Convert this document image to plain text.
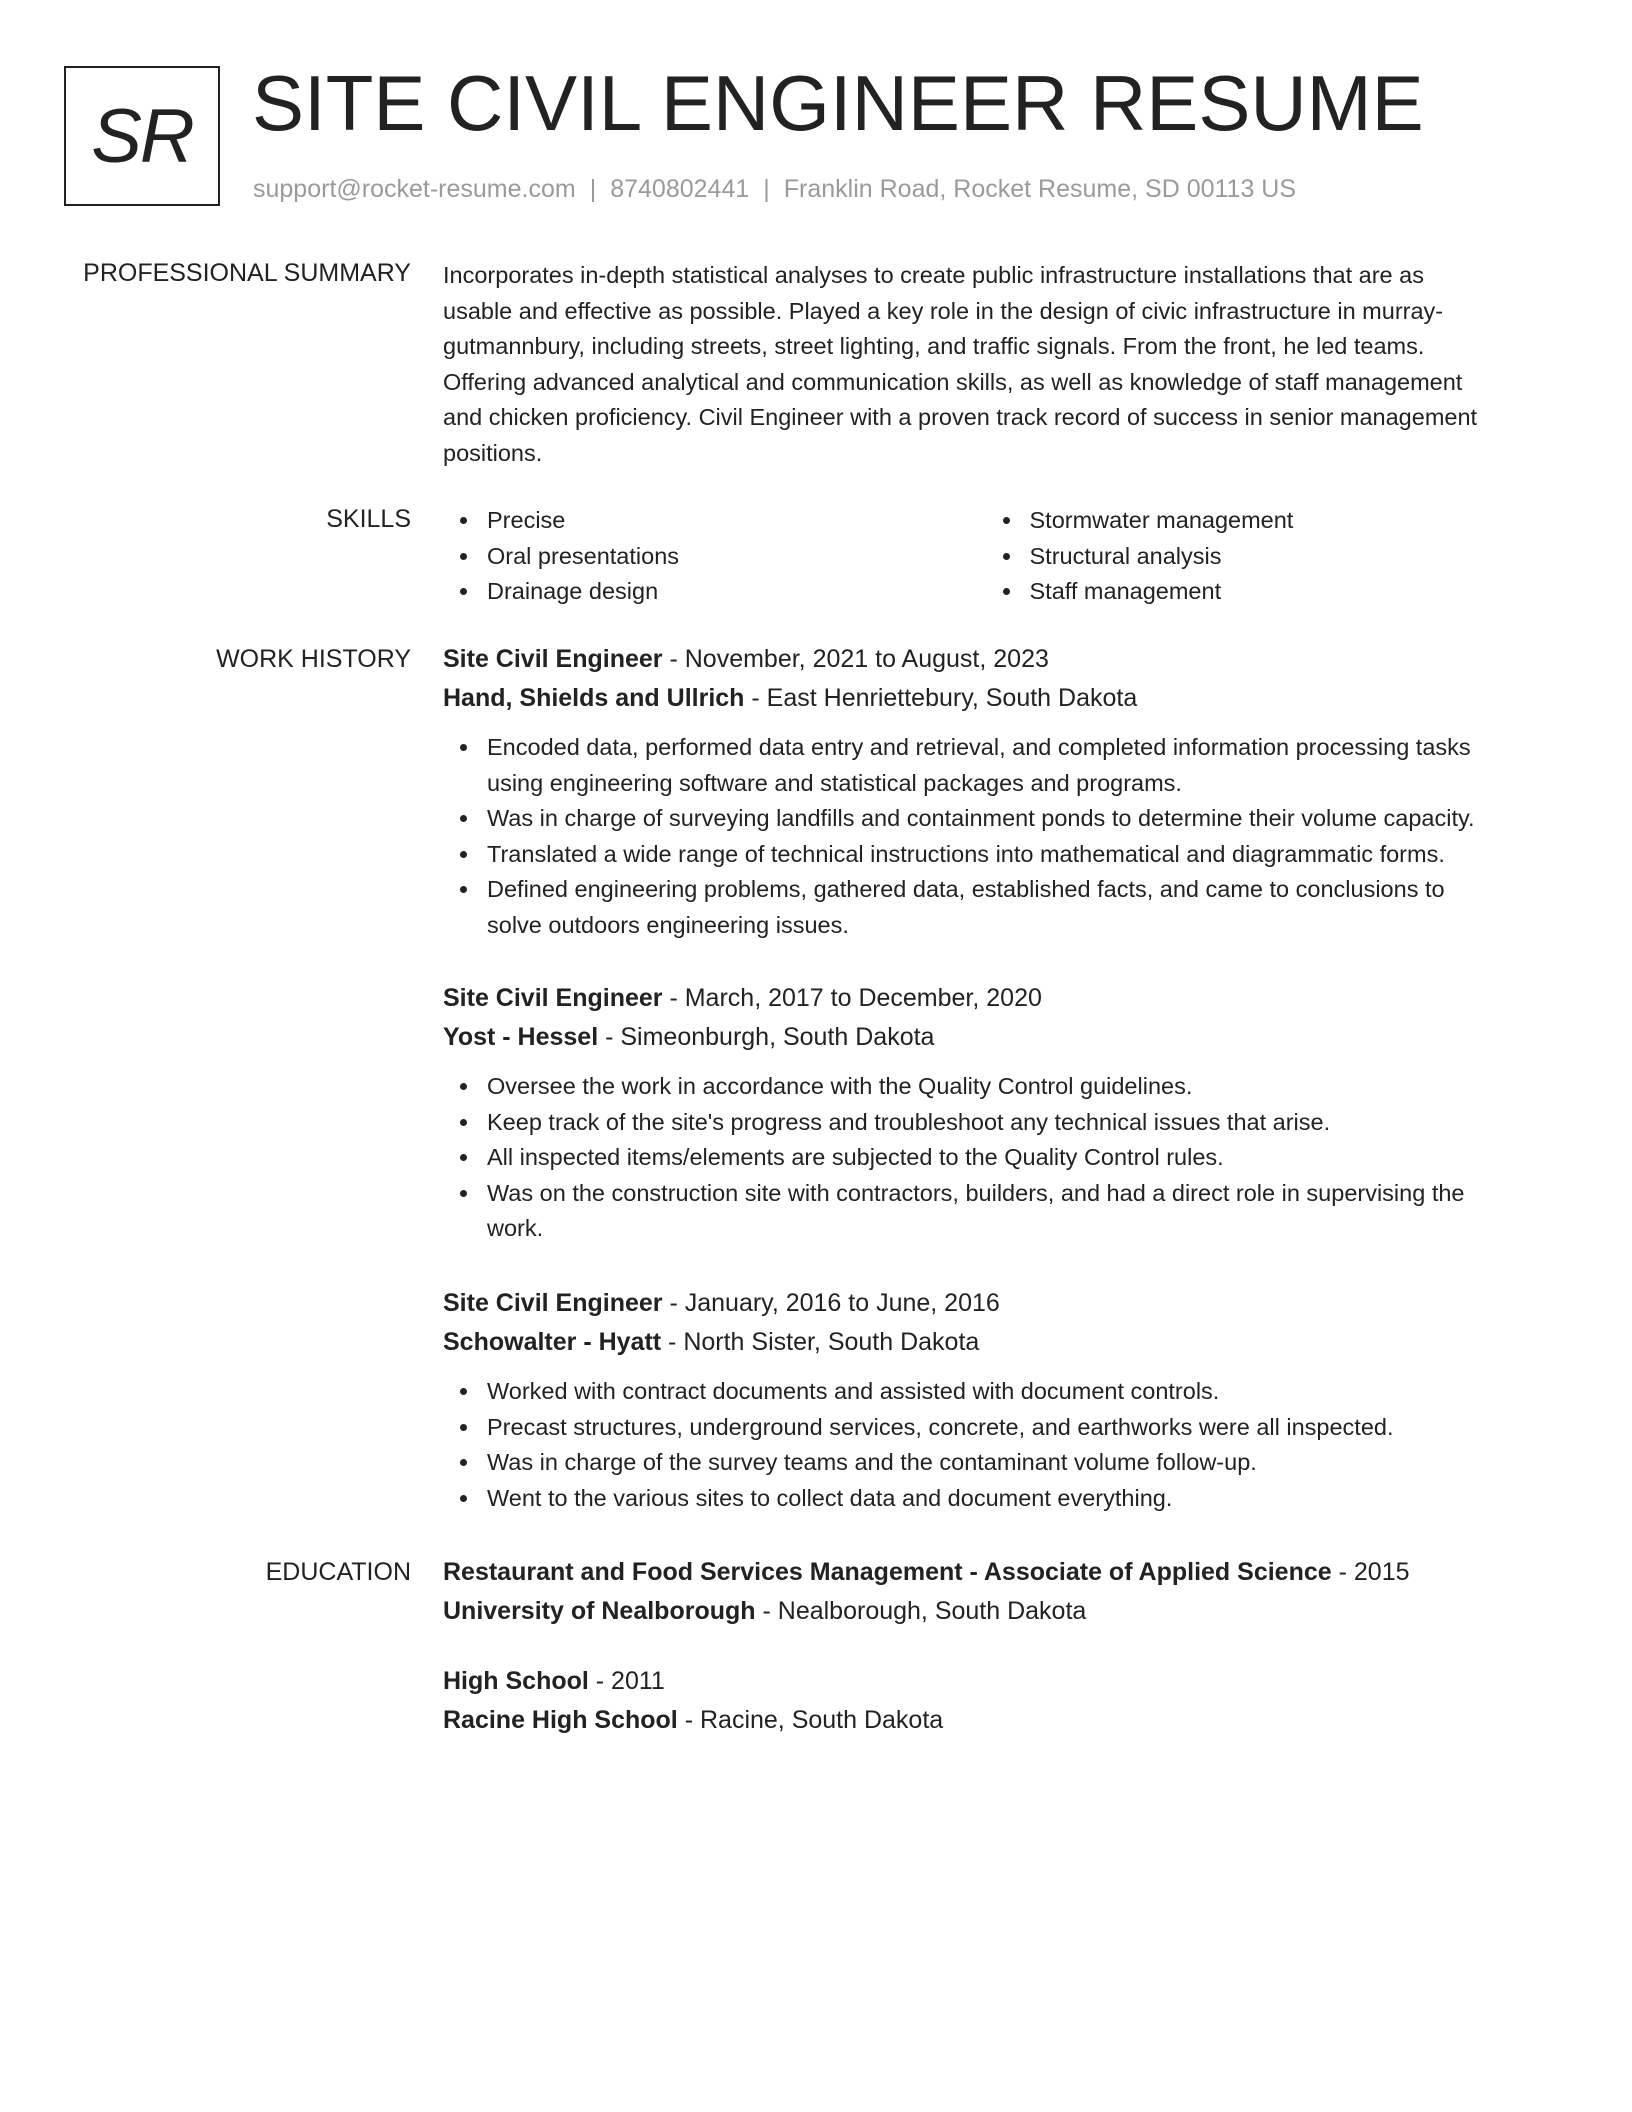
SR SITE CIVIL ENGINEER RESUME
support@rocket-resume.com | 8740802441 | Franklin Road, Rocket Resume, SD 00113 US
PROFESSIONAL SUMMARY Incorporates in-depth statistical analyses to create public infrastructure installations that are as
usable and effective as possible. Played a key role in the design of civic infrastructure in murray-
gutmannbury, including streets, street lighting, and traffic signals. From the front, he led teams.
Offering advanced analytical and communication skills, as well as knowledge of staff management
and chicken proficiency. Civil Engineer with a proven track record of success in senior management
positions.

SKILLS	Precise
Oral presentations
Drainage design
Stormwater management
Structural analysis
Staff management
WORK HISTORY Site Civil Engineer - November, 2021 to August, 2023
Hand, Shields and Ullrich - East Henriettebury, South Dakota
Encoded data, performed data entry and retrieval, and completed information processing tasks
using engineering software and statistical packages and programs.
Was in charge of surveying landfills and containment ponds to determine their volume capacity.
Translated a wide range of technical instructions into mathematical and diagrammatic forms.
Defined engineering problems, gathered data, established facts, and came to conclusions to
solve outdoors engineering issues.
Site Civil Engineer - March, 2017 to December, 2020
Yost - Hessel - Simeonburgh, South Dakota
Oversee the work in accordance with the Quality Control guidelines.
Keep track of the site's progress and troubleshoot any technical issues that arise.
All inspected items/elements are subjected to the Quality Control rules.
Was on the construction site with contractors, builders, and had a direct role in supervising the
work.
Site Civil Engineer - January, 2016 to June, 2016
Schowalter - Hyatt - North Sister, South Dakota
Worked with contract documents and assisted with document controls.
Precast structures, underground services, concrete, and earthworks were all inspected.
Was in charge of the survey teams and the contaminant volume follow-up.
Went to the various sites to collect data and document everything.
EDUCATION Restaurant and Food Services Management - Associate of Applied Science - 2015
University of Nealborough - Nealborough, South Dakota
High School - 2011
Racine High School - Racine, South Dakota
